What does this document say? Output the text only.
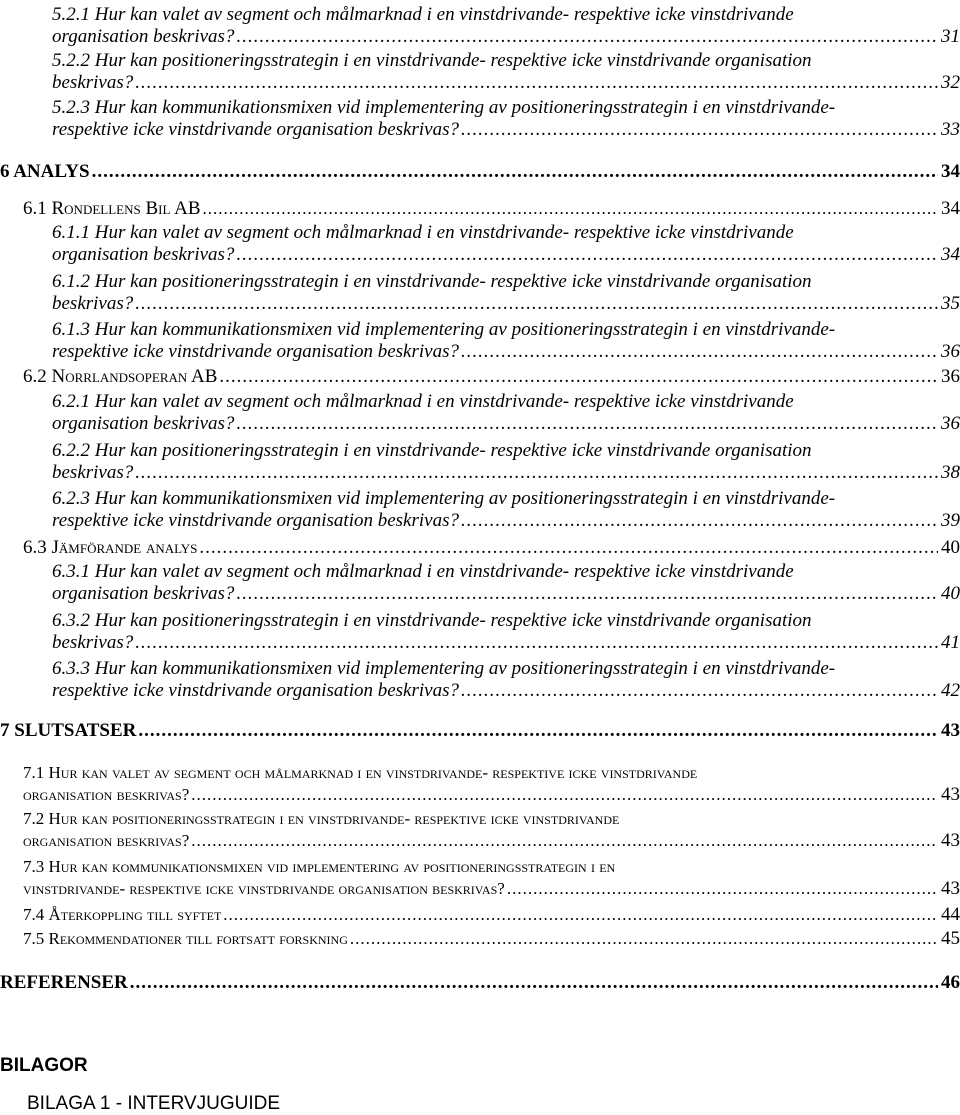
5.2.1 Hur kan valet av segment och målmarknad i en vinstdrivande- respektive icke vinstdrivande
organisation beskrivas? .....	31
5.2.2 Hur kan positioneringsstrategin i en vinstdrivande- respektive icke vinstdrivande organisation
beskrivas? .....	32
5.2.3 Hur kan kommunikationsmixen vid implementering av positioneringsstrategin i en vinstdrivande-
respektive icke vinstdrivande organisation beskrivas? .....	33
6 ANALYS .....	34
6.1 Rondellens Bil AB .....	34
6.1.1 Hur kan valet av segment och målmarknad i en vinstdrivande- respektive icke vinstdrivande
organisation beskrivas? .....	34
6.1.2 Hur kan positioneringsstrategin i en vinstdrivande- respektive icke vinstdrivande organisation
beskrivas? .....	35
6.1.3 Hur kan kommunikationsmixen vid implementering av positioneringsstrategin i en vinstdrivande-
respektive icke vinstdrivande organisation beskrivas? .....	36
6.2 Norrlandsoperan AB .....	36
6.2.1 Hur kan valet av segment och målmarknad i en vinstdrivande- respektive icke vinstdrivande
organisation beskrivas? .....	36
6.2.2 Hur kan positioneringsstrategin i en vinstdrivande- respektive icke vinstdrivande organisation
beskrivas? .....	38
6.2.3 Hur kan kommunikationsmixen vid implementering av positioneringsstrategin i en vinstdrivande-
respektive icke vinstdrivande organisation beskrivas? .....	39
6.3 Jämförande analys .....	40
6.3.1 Hur kan valet av segment och målmarknad i en vinstdrivande- respektive icke vinstdrivande
organisation beskrivas? .....	40
6.3.2 Hur kan positioneringsstrategin i en vinstdrivande- respektive icke vinstdrivande organisation
beskrivas? .....	41
6.3.3 Hur kan kommunikationsmixen vid implementering av positioneringsstrategin i en vinstdrivande-
respektive icke vinstdrivande organisation beskrivas? .....	42
7 SLUTSATSER .....	43
7.1 Hur kan valet av segment och målmarknad i en vinstdrivande- respektive icke vinstdrivande
organisation beskrivas? .....	43
7.2 Hur kan positioneringsstrategin i en vinstdrivande- respektive icke vinstdrivande
organisation beskrivas? .....	43
7.3 Hur kan kommunikationsmixen vid implementering av positioneringsstrategin i en
vinstdrivande- respektive icke vinstdrivande organisation beskrivas? .....	43
7.4 Återkoppling till syftet .....	44
7.5 Rekommendationer till fortsatt forskning .....	45
REFERENSER .....	46

BILAGOR

BILAGA 1 - INTERVJUGUIDE
